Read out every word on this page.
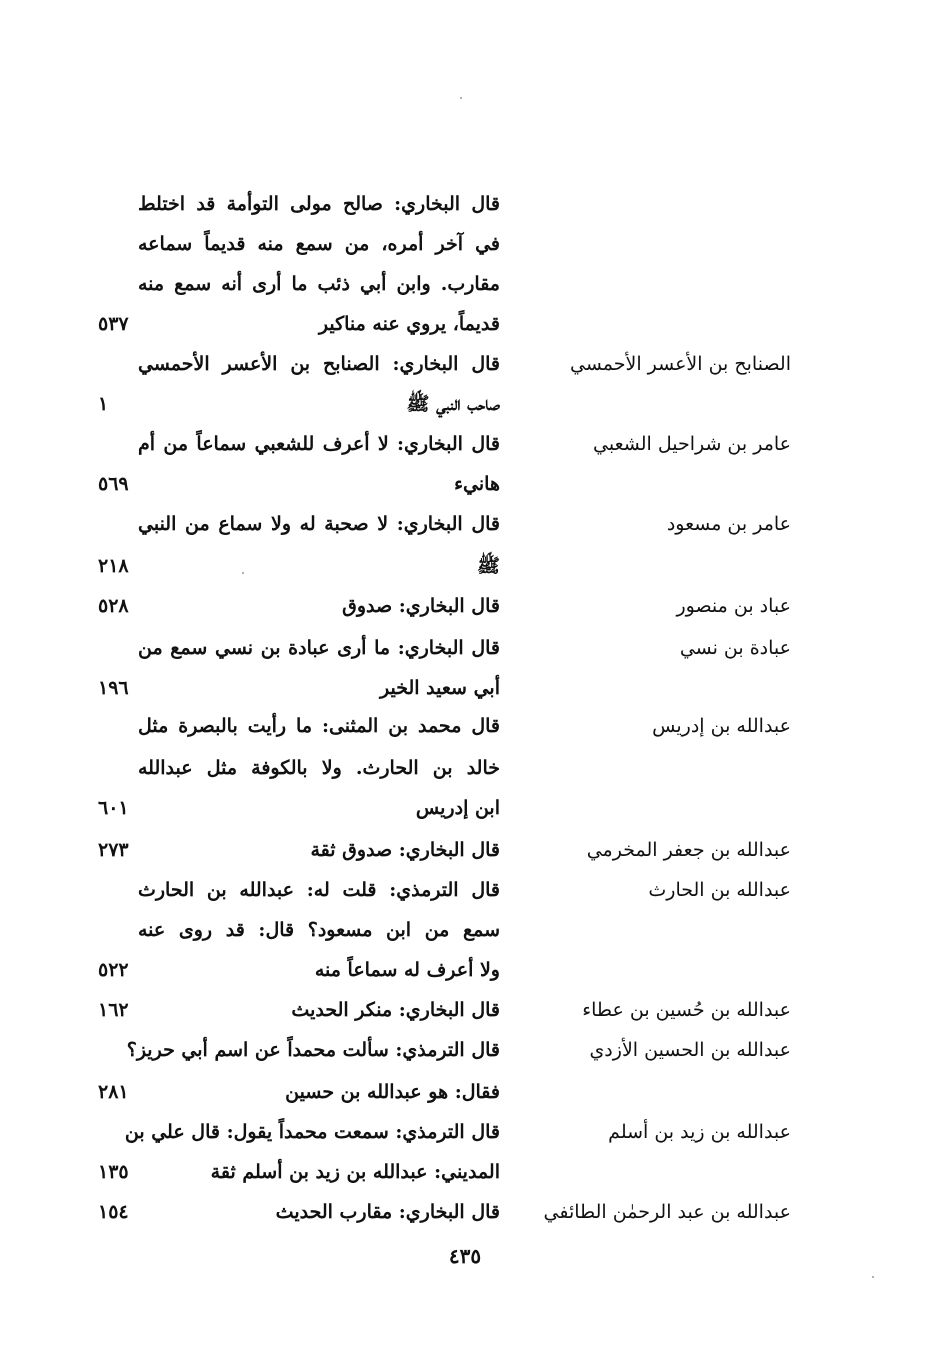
قال البخاري: صالح مولى التوأمة قد اختلط
في آخر أمره، من سمع منه قديماً سماعه
مقارب. وابن أبي ذئب ما أرى أنه سمع منه
قديماً، يروي عنه مناكير
٥٣٧
الصنابح بن الأعسر الأحمسي
قال البخاري: الصنابح بن الأعسر الأحمسي
صاحب النبي ﷺ
١
عامر بن شراحيل الشعبي
قال البخاري: لا أعرف للشعبي سماعاً من أم
هانيء
٥٦٩
عامر بن مسعود
قال البخاري: لا صحبة له ولا سماع من النبي
ﷺ
٢١٨
عباد بن منصور
قال البخاري: صدوق
٥٢٨
عبادة بن نسي
قال البخاري: ما أرى عبادة بن نسي سمع من
أبي سعيد الخير
١٩٦
عبدالله بن إدريس
قال محمد بن المثنى: ما رأيت بالبصرة مثل
خالد بن الحارث. ولا بالكوفة مثل عبدالله
ابن إدريس
٦٠١
عبدالله بن جعفر المخرمي
قال البخاري: صدوق ثقة
٢٧٣
عبدالله بن الحارث
قال الترمذي: قلت له: عبدالله بن الحارث
سمع من ابن مسعود؟ قال: قد روى عنه
ولا أعرف له سماعاً منه
٥٢٢
عبدالله بن حُسين بن عطاء
قال البخاري: منكر الحديث
١٦٢
عبدالله بن الحسين الأزدي
قال الترمذي: سألت محمداً عن اسم أبي حريز؟
فقال: هو عبدالله بن حسين
٢٨١
عبدالله بن زيد بن أسلم
قال الترمذي: سمعت محمداً يقول: قال علي بن
المديني: عبدالله بن زيد بن أسلم ثقة
١٣٥
عبدالله بن عبد الرحمٰن الطائفي
قال البخاري: مقارب الحديث
١٥٤
٤٣٥
